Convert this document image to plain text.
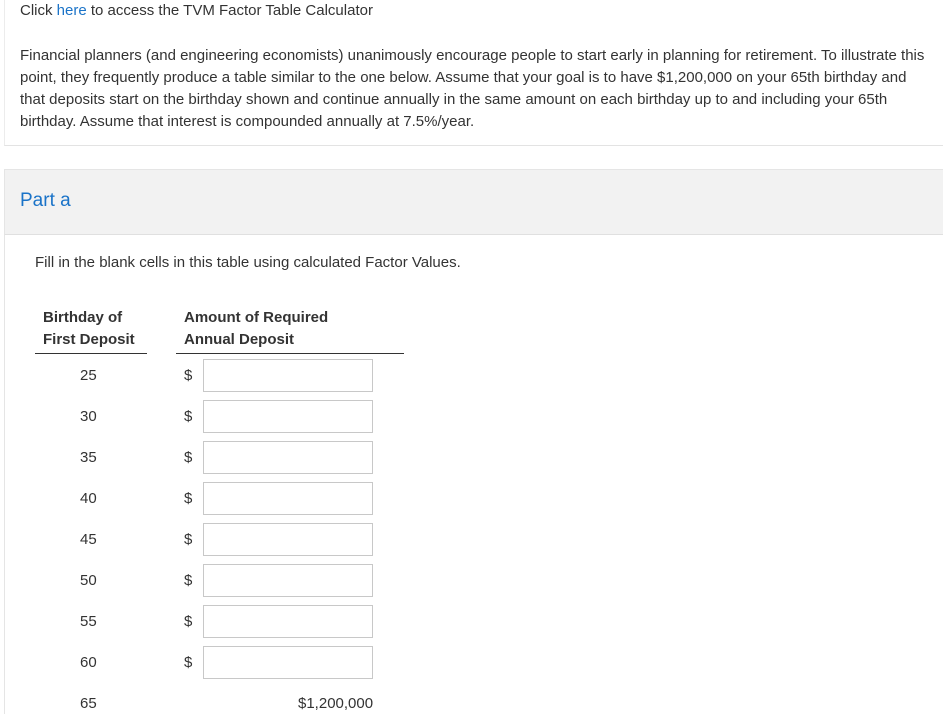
Click here to access the TVM Factor Table Calculator
Financial planners (and engineering economists) unanimously encourage people to start early in planning for retirement. To illustrate this point, they frequently produce a table similar to the one below. Assume that your goal is to have $1,200,000 on your 65th birthday and that deposits start on the birthday shown and continue annually in the same amount on each birthday up to and including your 65th birthday. Assume that interest is compounded annually at 7.5%/year.
Part a
Fill in the blank cells in this table using calculated Factor Values.
Birthday of
First Deposit
Amount of Required
Annual Deposit
25	$
30	$
35	$
40	$
45	$
50	$
55	$
60	$
65	$1,200,000
